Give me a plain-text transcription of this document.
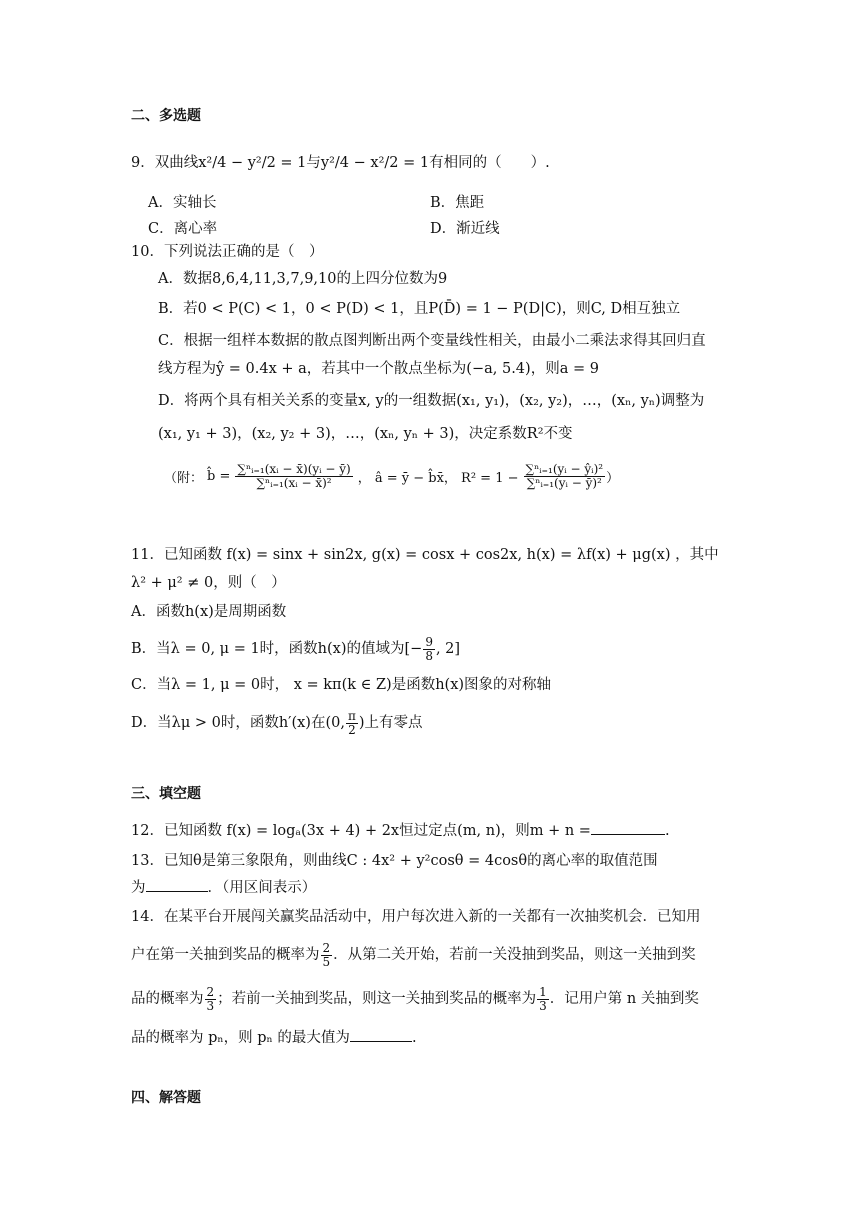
二、多选题
9．双曲线x²/4 − y²/2 = 1与y²/4 − x²/2 = 1有相同的（　　）.
A．实轴长	B．焦距
C．离心率	D．渐近线
10．下列说法正确的是（　）
A．数据8,6,4,11,3,7,9,10的上四分位数为9
B．若0 < P(C) < 1，0 < P(D) < 1，且P(D̄) = 1 − P(D|C)，则C, D相互独立
C．根据一组样本数据的散点图判断出两个变量线性相关，由最小二乘法求得其回归直
线方程为ŷ = 0.4x + a，若其中一个散点坐标为(−a, 5.4)，则a = 9
D．将两个具有相关关系的变量x, y的一组数据(x₁, y₁)，(x₂, y₂)，…，(xₙ, yₙ)调整为
(x₁, y₁ + 3)，(x₂, y₂ + 3)，…，(xₙ, yₙ + 3)，决定系数R²不变
（附： b̂ = $\frac{\text{∑ⁿᵢ₌₁(xᵢ − x̄)(yᵢ − ȳ)}}{\text{∑ⁿᵢ₌₁(xᵢ − x̄)²}}$ ， â = ȳ − b̂x̄， $R^2 = 1 - \frac{\text{∑ⁿᵢ₌₁(yᵢ − ŷᵢ)²}}{\text{∑ⁿᵢ₌₁(yᵢ − ȳ)²}}$ ）
11．已知函数 f(x) = sinx + sin2x, g(x) = cosx + cos2x, h(x) = λf(x) + μg(x) ，其中
λ² + μ² ≠ 0，则（　）
A．函数h(x)是周期函数
B．当λ = 0, μ = 1时，函数h(x)的值域为[− $\frac{9}{8}$ , 2]
C．当λ = 1, μ = 0时， x = kπ(k ∈ Z)是函数h(x)图象的对称轴
D．当λμ > 0时，函数h′(x)在(0, $\frac{\pi}{2}$ )上有零点
三、填空题
12．已知函数 f(x) = logₐ(3x + 4) + 2x恒过定点(m, n)，则m + n =	.
13．已知θ是第三象限角，则曲线C : 4x² + y²cosθ = 4cosθ的离心率的取值范围
为	．（用区间表示）
14．在某平台开展闯关赢奖品活动中，用户每次进入新的一关都有一次抽奖机会．已知用
户在第一关抽到奖品的概率为 $\frac{2}{5}$ ．从第二关开始，若前一关没抽到奖品，则这一关抽到奖
品的概率为 $\frac{2}{3}$ ；若前一关抽到奖品，则这一关抽到奖品的概率为 $\frac{1}{3}$ ．记用户第 n 关抽到奖
品的概率为 pₙ，则 pₙ 的最大值为	.
四、解答题
